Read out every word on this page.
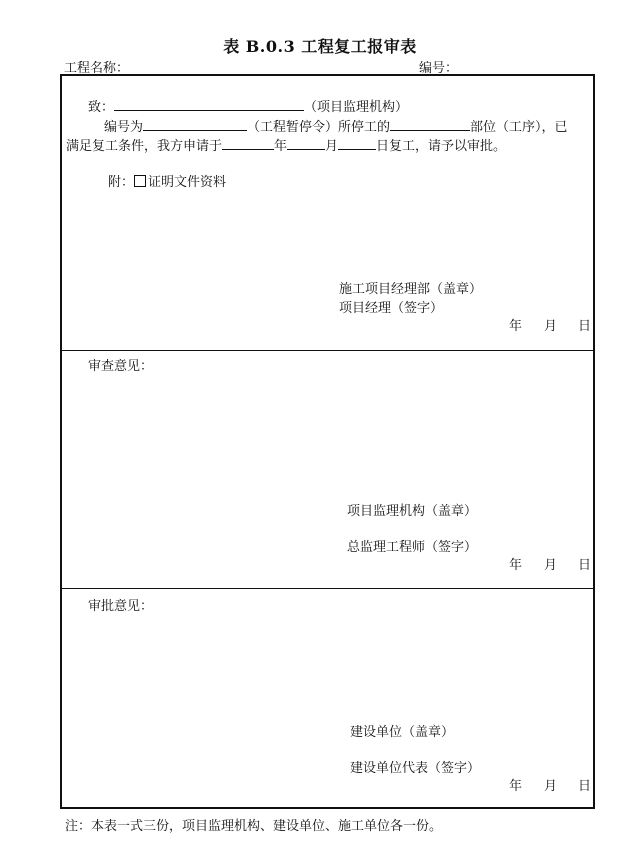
表 B.0.3 工程复工报审表
工程名称：	编号：
致：	（项目监理机构）
编号为	（工程暂停令）所停工的	部位（工序），已
满足复工条件，我方申请于	年	月	日复工，请予以审批。
附： 证明文件资料
施工项目经理部（盖章）
项目经理（签字）
年 月 日
审查意见：
项目监理机构（盖章）
总监理工程师（签字）
年 月 日
审批意见：
建设单位（盖章）
建设单位代表（签字）
年 月 日
注：本表一式三份，项目监理机构、建设单位、施工单位各一份。
